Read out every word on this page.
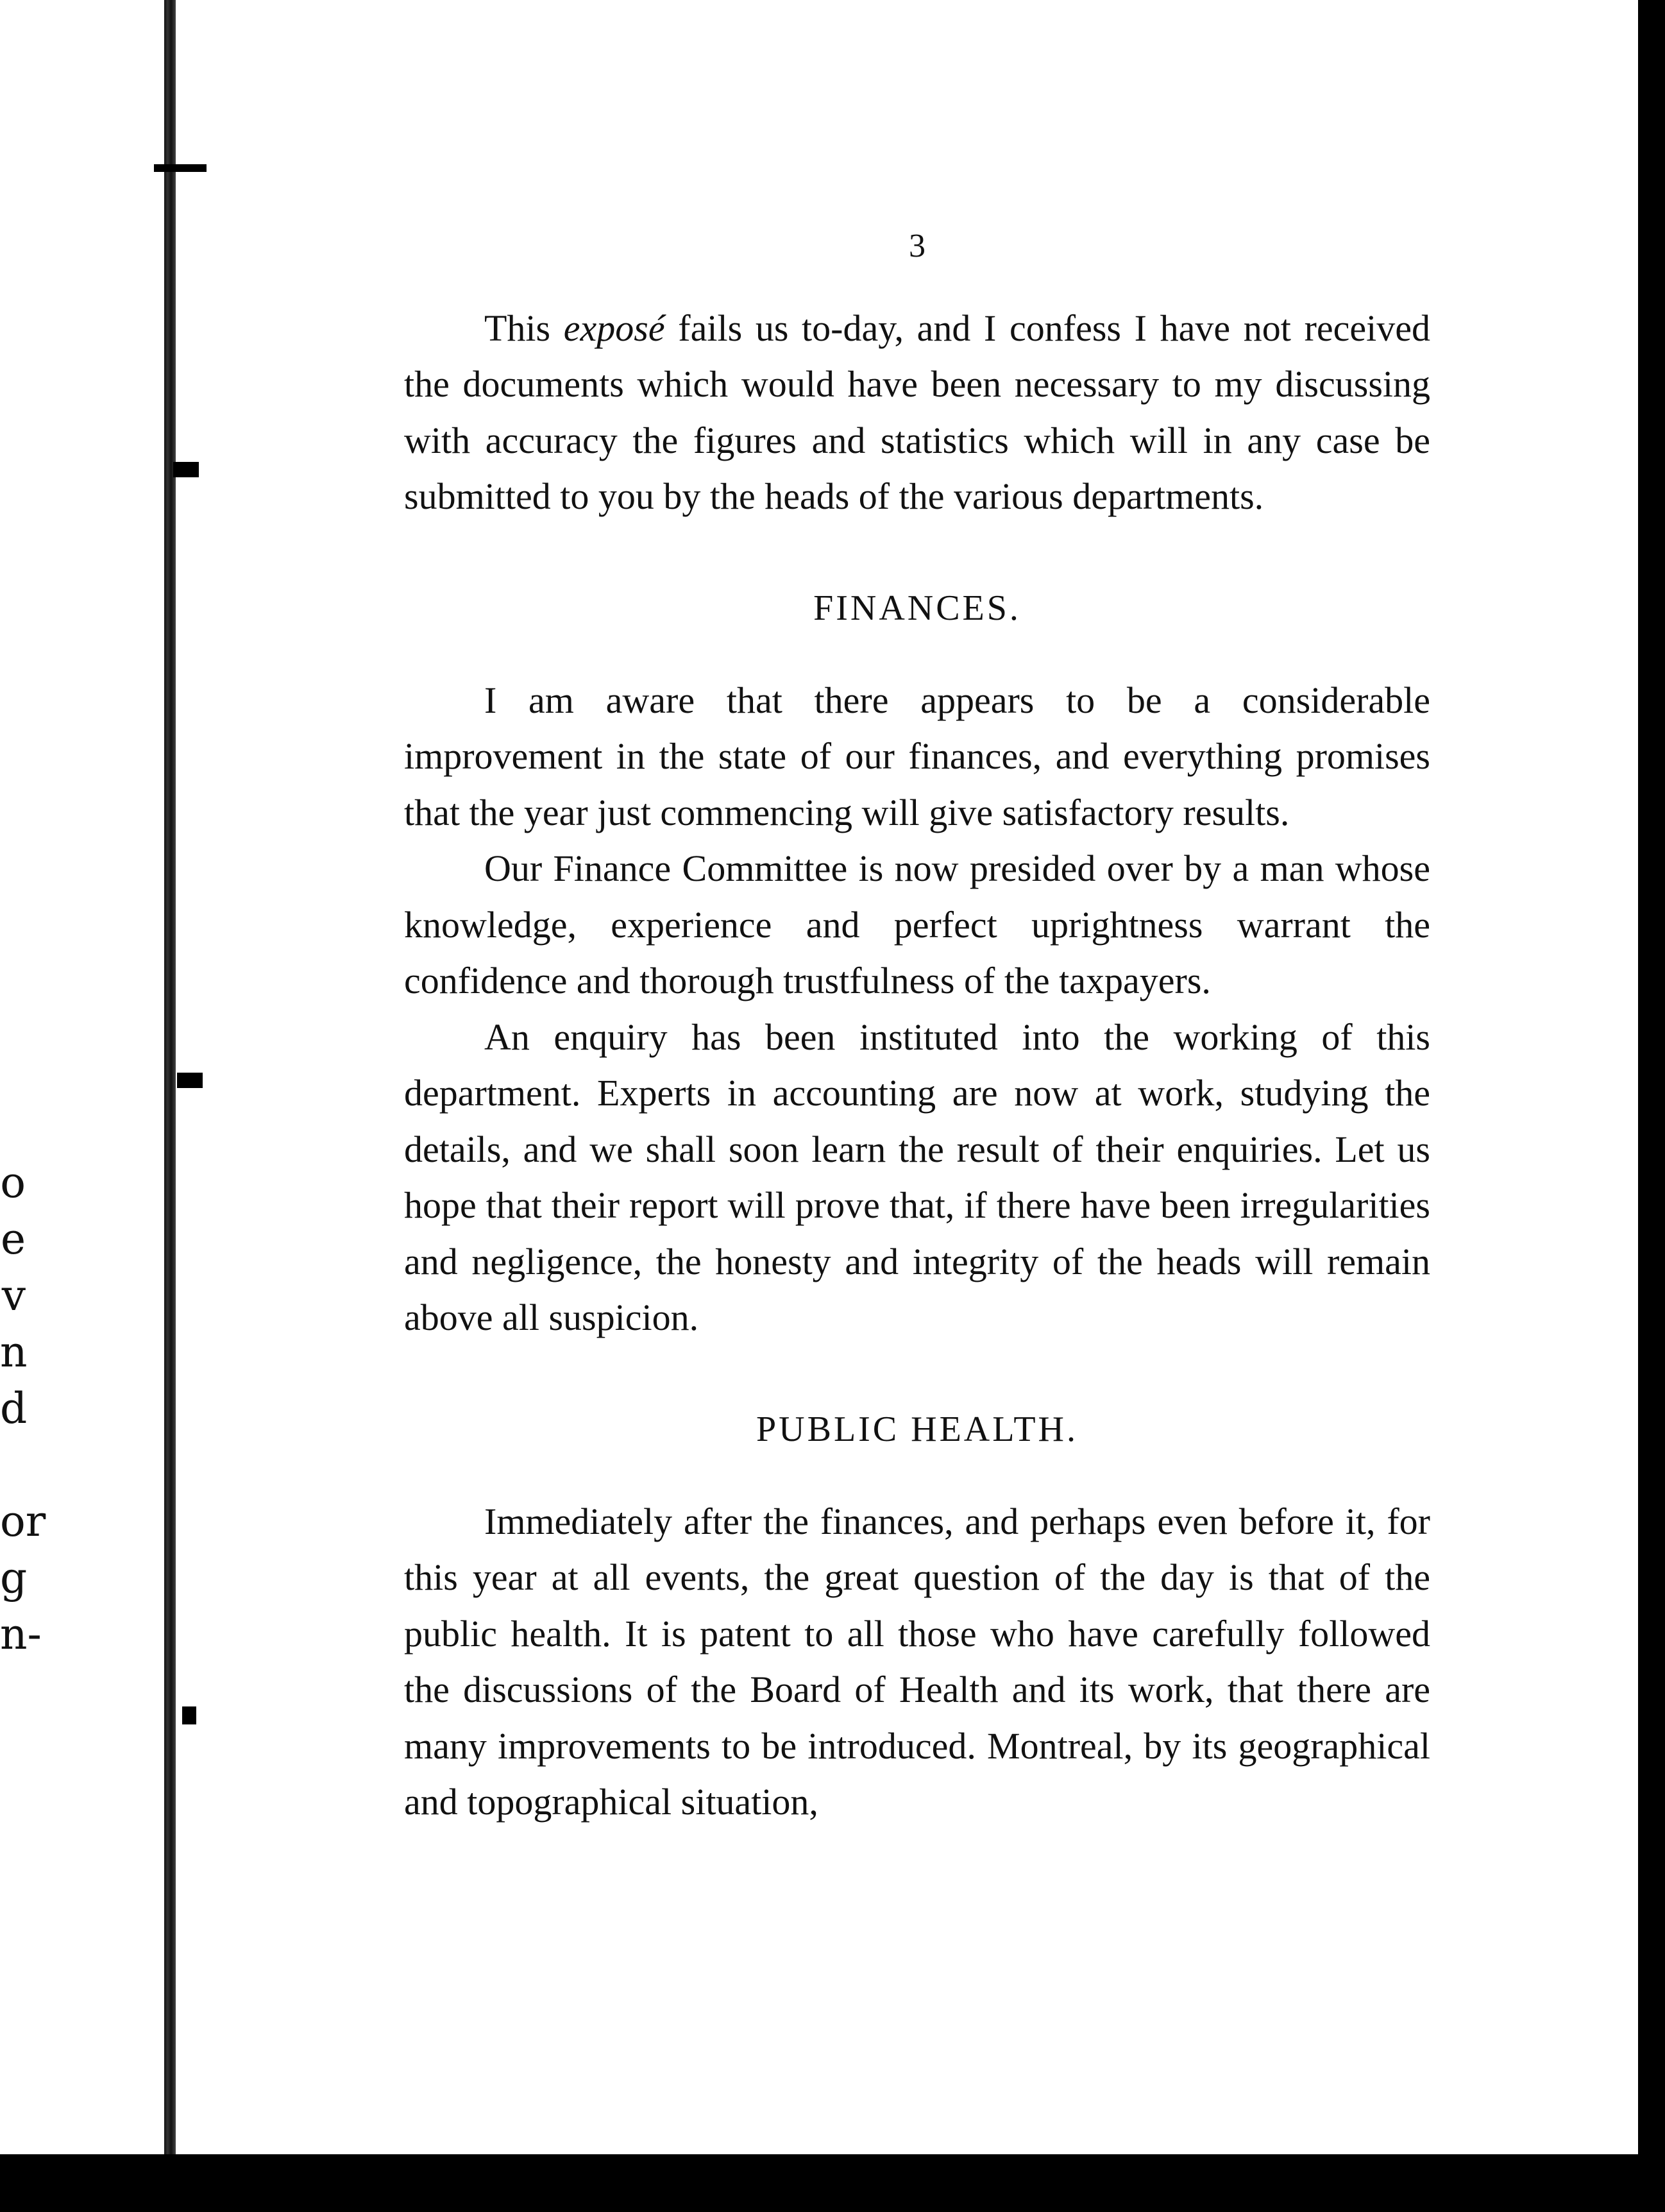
o
e
v
n
d

or
g
n-
3

This exposé fails us to-day, and I confess I have not received the documents which would have been necessary to my discussing with accuracy the figures and statistics which will in any case be submitted to you by the heads of the various departments.

FINANCES.

I am aware that there appears to be a considerable improvement in the state of our finances, and everything promises that the year just commencing will give satisfactory results.

Our Finance Committee is now presided over by a man whose knowledge, experience and perfect uprightness warrant the confidence and thorough trustfulness of the taxpayers.

An enquiry has been instituted into the working of this department. Experts in accounting are now at work, studying the details, and we shall soon learn the result of their enquiries. Let us hope that their report will prove that, if there have been irregularities and negligence, the honesty and integrity of the heads will remain above all suspicion.

PUBLIC HEALTH.

Immediately after the finances, and perhaps even before it, for this year at all events, the great question of the day is that of the public health. It is patent to all those who have carefully followed the discussions of the Board of Health and its work, that there are many improvements to be introduced. Montreal, by its geographical and topographical situation,
